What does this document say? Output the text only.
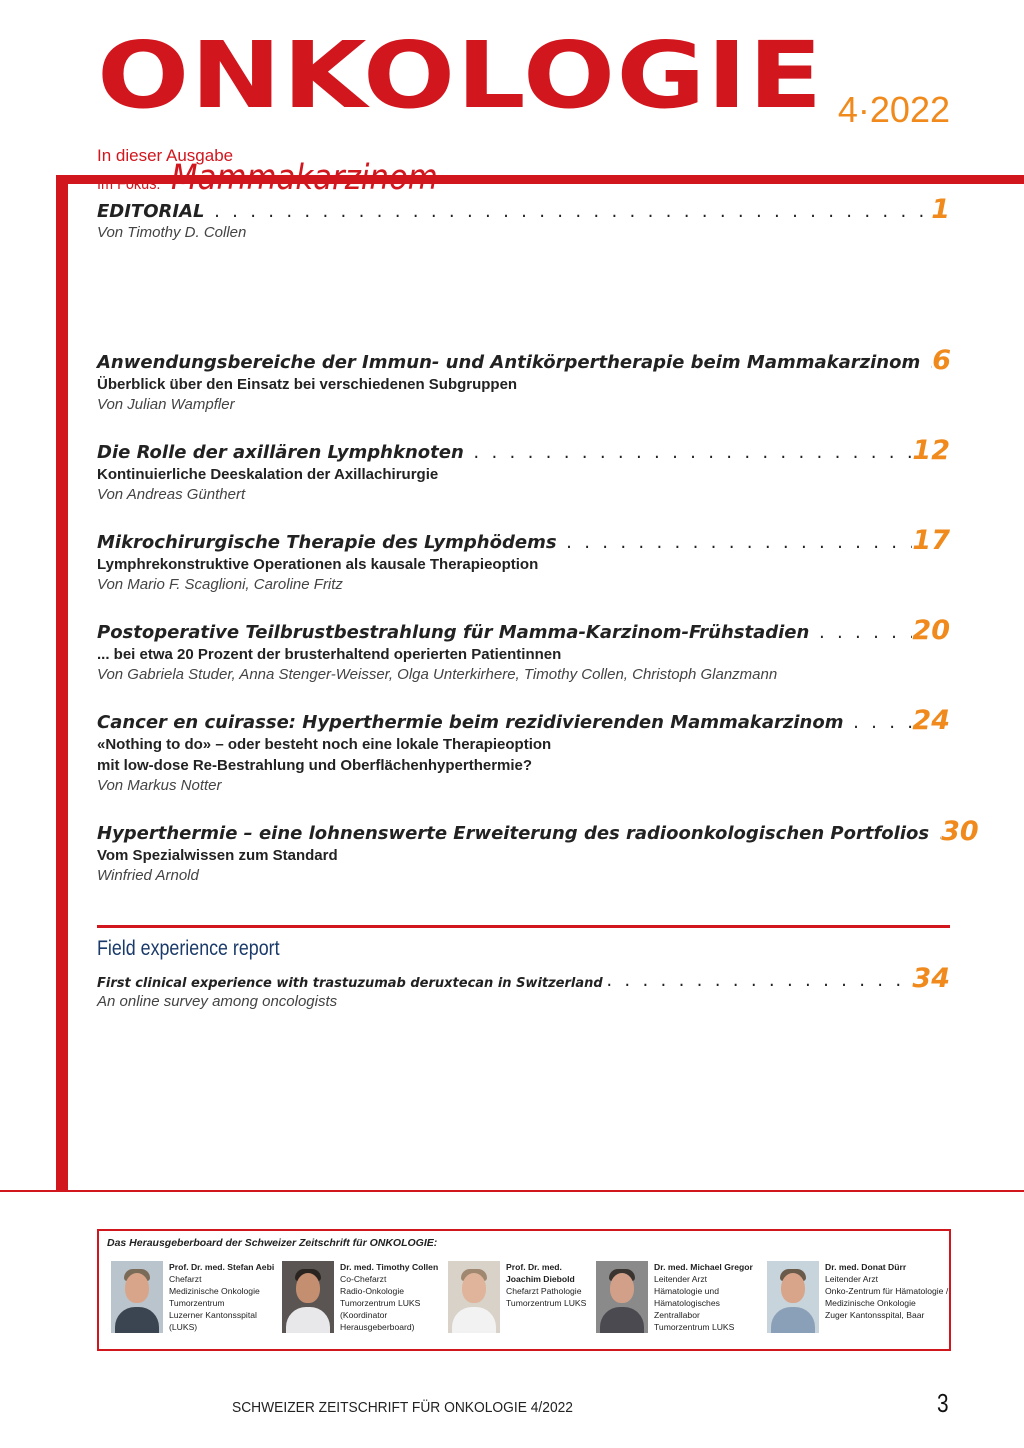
ONKOLOGIE 4·2022
In dieser Ausgabe
Im Fokus: Mammakarzinom
EDITORIAL . . .	1
Von Timothy D. Collen
Anwendungsbereiche der Immun- und Antikörpertherapie beim Mammakarzinom . . . 6
Überblick über den Einsatz bei verschiedenen Subgruppen
Von Julian Wampfler
Die Rolle der axillären Lymphknoten . . .	12
Kontinuierliche Deeskalation der Axillachirurgie
Von Andreas Günthert
Mikrochirurgische Therapie des Lymphödems . . .	17
Lymphrekonstruktive Operationen als kausale Therapieoption
Von Mario F. Scaglioni, Caroline Fritz
Postoperative Teilbrustbestrahlung für Mamma-Karzinom-Frühstadien . . .	20
... bei etwa 20 Prozent der brusterhaltend operierten Patientinnen
Von Gabriela Studer, Anna Stenger-Weisser, Olga Unterkirhere, Timothy Collen, Christoph Glanzmann
Cancer en cuirasse: Hyperthermie beim rezidivierenden Mammakarzinom . . .	24
«Nothing to do» – oder besteht noch eine lokale Therapieoption
mit low-dose Re-Bestrahlung und Oberflächenhyperthermie?
Von Markus Notter
Hyperthermie – eine lohnenswerte Erweiterung des radioonkologischen Portfolios . . . 30
Vom Spezialwissen zum Standard
Winfried Arnold
Field experience report
First clinical experience with trastuzumab deruxtecan in Switzerland . . .	34
An online survey among oncologists
Das Herausgeberboard der Schweizer Zeitschrift für ONKOLOGIE:
Prof. Dr. med. Stefan Aebi
Chefarzt
Medizinische Onkologie
Tumorzentrum
Luzerner Kantonsspital
(LUKS)
Dr. med. Timothy Collen
Co-Chefarzt
Radio-Onkologie
Tumorzentrum LUKS
(Koordinator
Herausgeberboard)
Prof. Dr. med.
Joachim Diebold
Chefarzt Pathologie
Tumorzentrum LUKS
Dr. med. Michael Gregor
Leitender Arzt
Hämatologie und
Hämatologisches
Zentrallabor
Tumorzentrum LUKS
Dr. med. Donat Dürr
Leitender Arzt
Onko-Zentrum für Hämatologie /
Medizinische Onkologie
Zuger Kantonsspital, Baar
SCHWEIZER ZEITSCHRIFT FÜR ONKOLOGIE 4/2022	3
